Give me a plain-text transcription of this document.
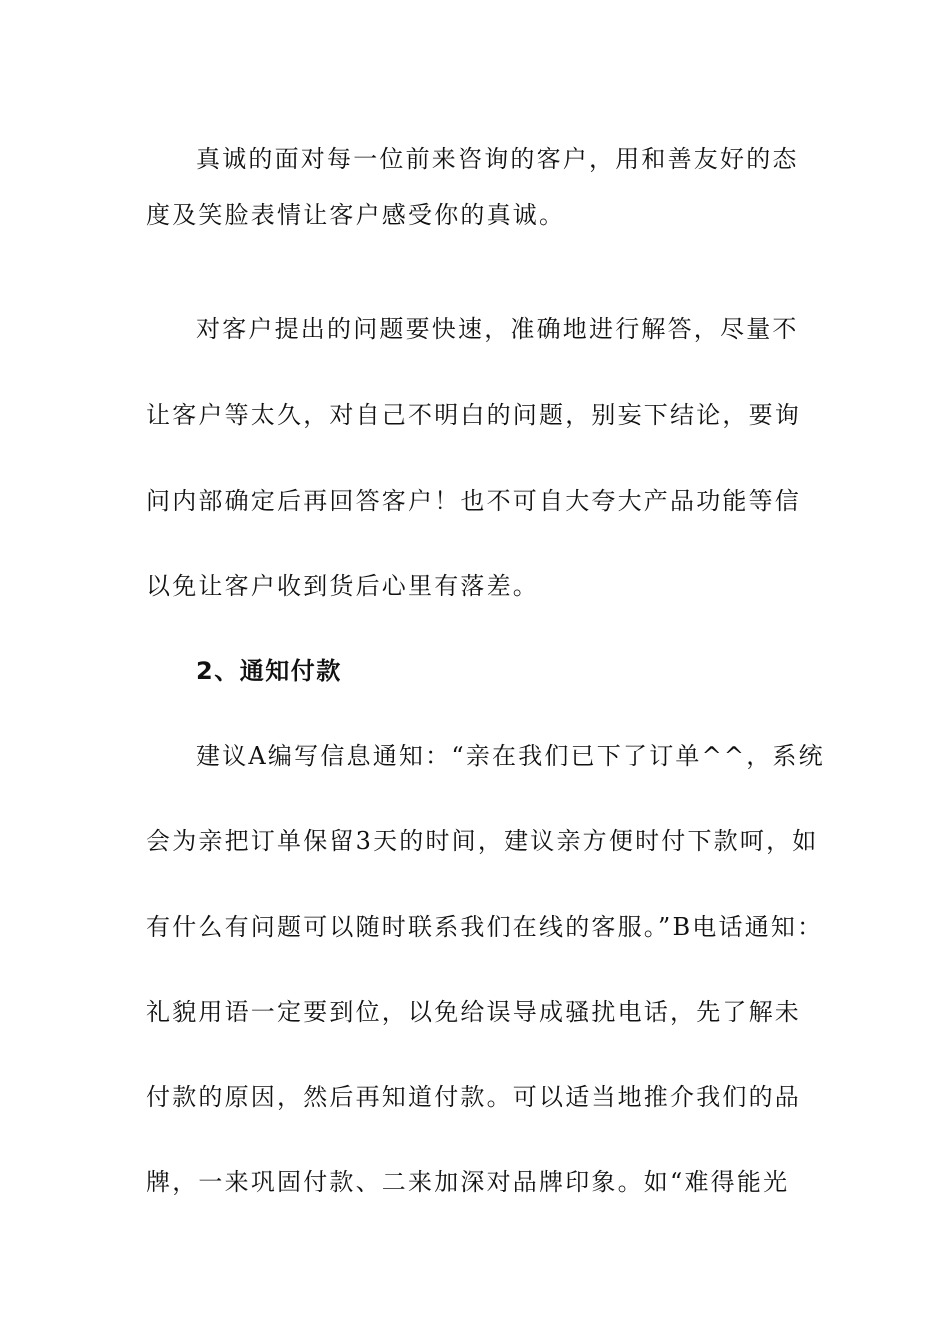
真诚的面对每一位前来咨询的客户，用和善友好的态
度及笑脸表情让客户感受你的真诚。
对客户提出的问题要快速，准确地进行解答，尽量不
让客户等太久，对自己不明白的问题，别妄下结论，要询
问内部确定后再回答客户！也不可自大夸大产品功能等信
以免让客户收到货后心里有落差。
2、通知付款
建议A编写信息通知：“亲在我们已下了订单^^，系统
会为亲把订单保留3天的时间，建议亲方便时付下款呵，如
有什么有问题可以随时联系我们在线的客服。”B电话通知：
礼貌用语一定要到位，以免给误导成骚扰电话，先了解未
付款的原因，然后再知道付款。可以适当地推介我们的品
牌，一来巩固付款、二来加深对品牌印象。如“难得能光
